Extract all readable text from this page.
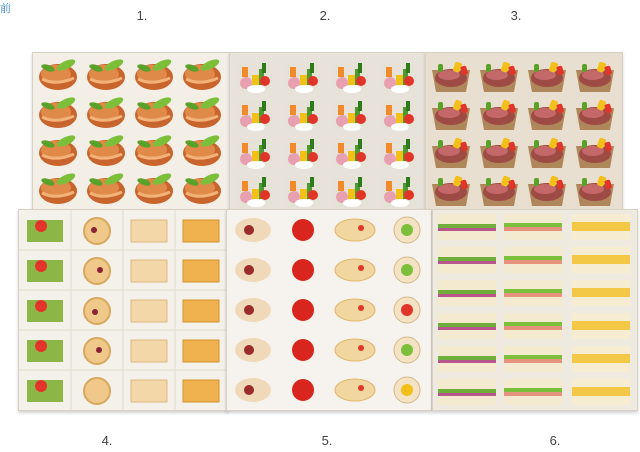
前	1.	2.	3.
4.	5.	6.
